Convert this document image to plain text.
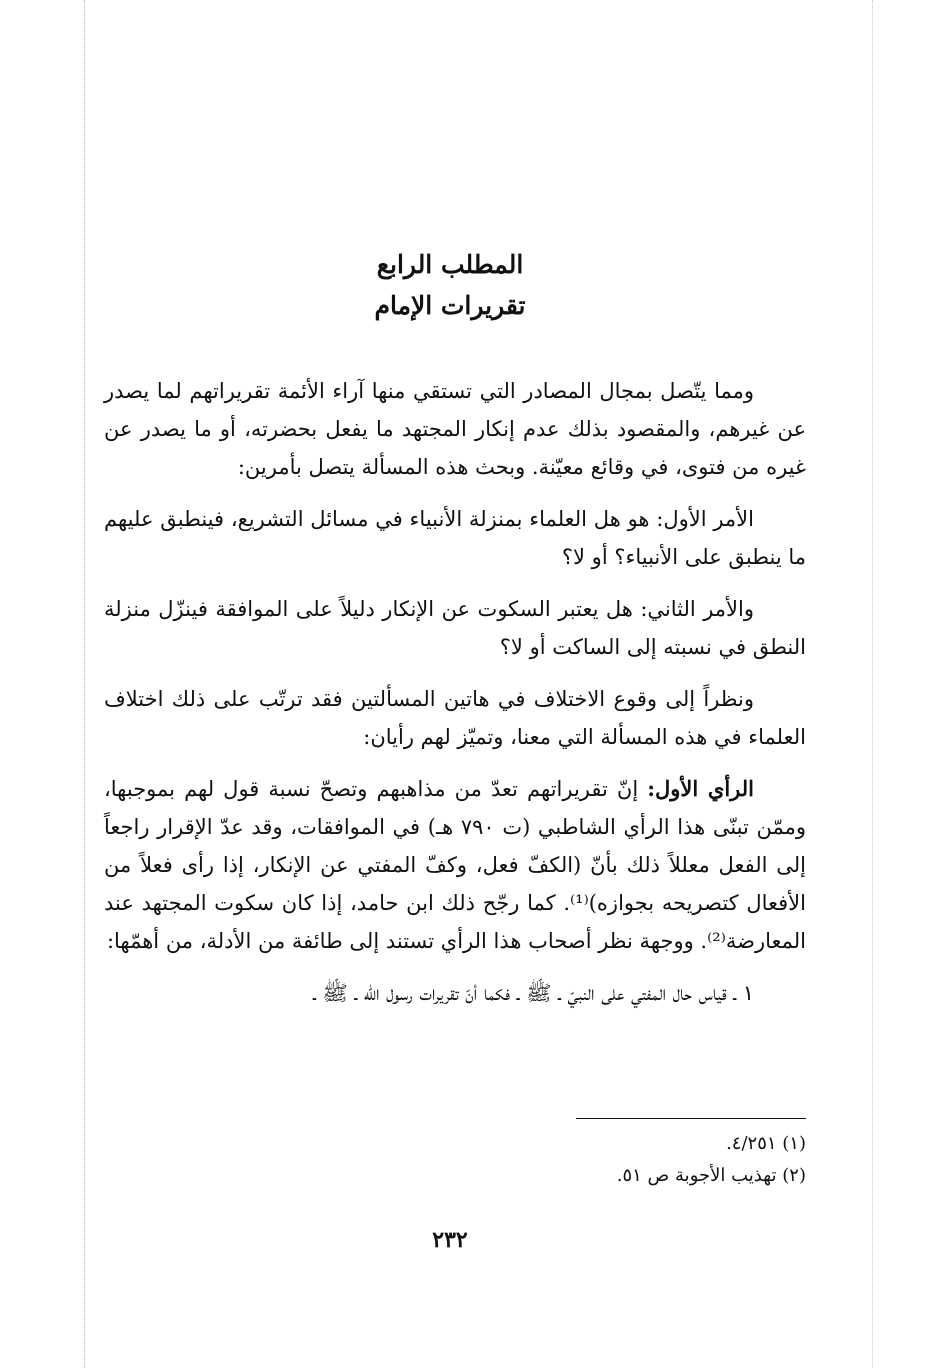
المطلب الرابع
تقريرات الإمام

ومما يتّصل بمجال المصادر التي تستقي منها آراء الأئمة تقريراتهم لما يصدر عن غيرهم، والمقصود بذلك عدم إنكار المجتهد ما يفعل بحضرته، أو ما يصدر عن غيره من فتوى، في وقائع معيّنة. وبحث هذه المسألة يتصل بأمرين:

الأمر الأول: هو هل العلماء بمنزلة الأنبياء في مسائل التشريع، فينطبق عليهم ما ينطبق على الأنبياء؟ أو لا؟

والأمر الثاني: هل يعتبر السكوت عن الإنكار دليلاً على الموافقة فينزّل منزلة النطق في نسبته إلى الساكت أو لا؟

ونظراً إلى وقوع الاختلاف في هاتين المسألتين فقد ترتّب على ذلك اختلاف العلماء في هذه المسألة التي معنا، وتميّز لهم رأيان:

الرأي الأول: إنّ تقريراتهم تعدّ من مذاهبهم وتصحّ نسبة قول لهم بموجبها، وممّن تبنّى هذا الرأي الشاطبي (ت ٧٩٠ هـ) في الموافقات، وقد عدّ الإقرار راجعاً إلى الفعل معللاً ذلك بأنّ (الكفّ فعل، وكفّ المفتي عن الإنكار، إذا رأى فعلاً من الأفعال كتصريحه بجوازه)⁽¹⁾. كما رجّح ذلك ابن حامد، إذا كان سكوت المجتهد عند المعارضة⁽²⁾. ووجهة نظر أصحاب هذا الرأي تستند إلى طائفة من الأدلة، من أهمّها:

١ ـ قياس حال المفتي على النبيّ ـ ﷺ ـ فكما أنّ تقريرات رسول الله ـ ﷺ ـ

(١) ٤/٢٥١.

(٢) تهذيب الأجوبة ص ٥١.

٢٣٢
